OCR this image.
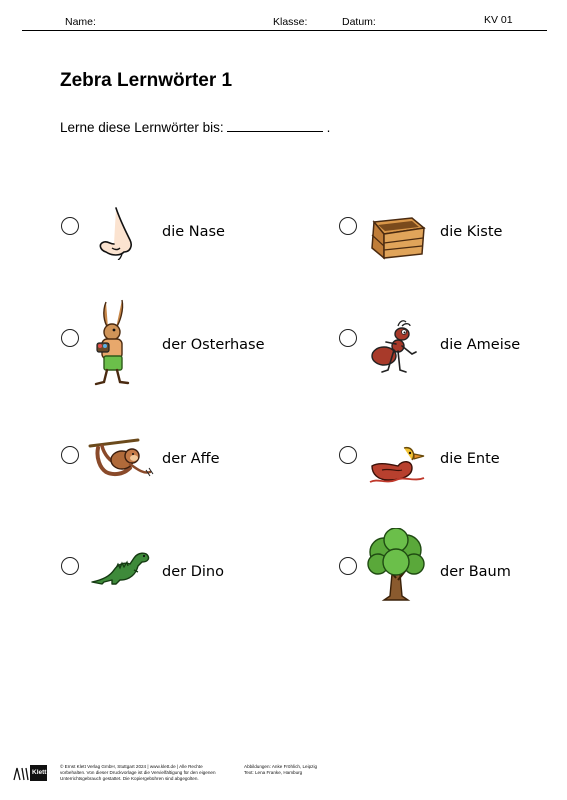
Name:	Klasse:	Datum:	KV 01
Zebra Lernwörter 1
Lerne diese Lernwörter bis:	.
die Nase	die Kiste
der Osterhase	die Ameise
der Affe	die Ente
der Dino	der Baum
Klett
© Ernst Klett Verlag GmbH, Stuttgart 2024 | www.klett.de | Alle Rechte
vorbehalten. Von dieser Druckvorlage ist die Vervielfältigung für den eigenen
Unterrichtsgebrauch gestattet. Die Kopiergebühren sind abgegolten.
Abbildungen: Anke Fröhlich, Leipzig
Text: Lena Franke, Hamburg
